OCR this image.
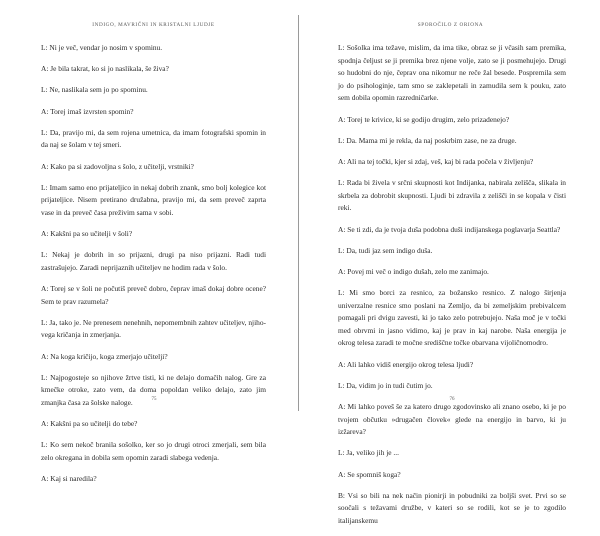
INDIGO, MAVRIČNI IN KRISTALNI LJUDJE

L: Ni je več, vendar jo nosim v spominu.

A: Je bila takrat, ko si jo naslikala, še živa?

L: Ne, naslikala sem jo po spominu.

A: Torej imaš izvrsten spomin?

L: Da, pravijo mi, da sem rojena umetnica, da imam fotografski spomin in da naj se šolam v tej smeri.

A: Kako pa si zadovoljna s šolo, z učitelji, vrstniki?

L: Imam samo eno prijateljico in nekaj dobrih znank, smo bolj kolegice kot prijateljice. Nisem pretirano družabna, pravijo mi, da sem preveč zaprta vase in da preveč časa preživim sama v sobi.

A: Kakšni pa so učitelji v šoli?

L: Nekaj je dobrih in so prijazni, drugi pa niso prijazni. Radi tudi zastrašujejo. Zaradi neprijaznih učiteljev ne hodim rada v šolo.

A: Torej se v šoli ne počutiš preveč dobro, čeprav imaš dokaj dobre ocene? Sem te prav razumela?

L: Ja, tako je. Ne prenesem nenehnih, nepomembnih zahtev učiteljev, njihovega kričanja in zmerjanja.

A: Na koga kričijo, koga zmerjajo učitelji?

L: Najpogosteje so njihove žrtve tisti, ki ne delajo domačih nalog. Gre za kmečke otroke, zato vem, da doma popoldan veliko delajo, zato jim zmanjka časa za šolske naloge.

A: Kakšni pa so učitelji do tebe?

L: Ko sem nekoč branila sošolko, ker so jo drugi otroci zmerjali, sem bila zelo okregana in dobila sem opomin zaradi slabega vedenja.

A: Kaj si naredila?

75
SPOROČILO Z ORIONA

L: Sošolka ima težave, mislim, da ima tike, obraz se ji včasih sam premika, spodnja čeljust se ji premika brez njene volje, zato se ji posmehujejo. Drugi so hudobni do nje, čeprav ona nikomur ne reče žal besede. Pospremila sem jo do psihologinje, tam smo se zaklepetali in zamudila sem k pouku, zato sem dobila opomin razredničarke.

A: Torej te krivice, ki se godijo drugim, zelo prizadenejo?

L: Da. Mama mi je rekla, da naj poskrbim zase, ne za druge.

A: Ali na tej točki, kjer si zdaj, veš, kaj bi rada počela v življenju?

L: Rada bi živela v srčni skupnosti kot Indijanka, nabirala zelišča, slikala in skrbela za dobrobit skupnosti. Ljudi bi zdravila z zelišči in se kopala v čisti reki.

A: Se ti zdi, da je tvoja duša podobna duši indijanskega poglavarja Seattla?

L: Da, tudi jaz sem indigo duša.

A: Povej mi več o indigo dušah, zelo me zanimajo.

L: Mi smo borci za resnico, za božansko resnico. Z nalogo širjenja univerzalne resnice smo poslani na Zemljo, da bi zemeljskim prebivalcem pomagali pri dvigu zavesti, ki jo tako zelo potrebujejo. Naša moč je v točki med obrvmi in jasno vidimo, kaj je prav in kaj narobe. Naša energija je okrog telesa zaradi te močne središčne točke obarvana vijoličnomodro.

A: Ali lahko vidiš energijo okrog telesa ljudi?

L: Da, vidim jo in tudi čutim jo.

A: Mi lahko poveš še za katero drugo zgodovinsko ali znano osebo, ki je po tvojem občutku »drugačen človek« glede na energijo in barvo, ki ju izžareva?

L: Ja, veliko jih je ...

A: Se spomniš koga?

B: Vsi so bili na nek način pionirji in pobudniki za boljši svet. Prvi so se soočali s težavami družbe, v kateri so se rodili, kot se je to zgodilo italijanskemu

76
